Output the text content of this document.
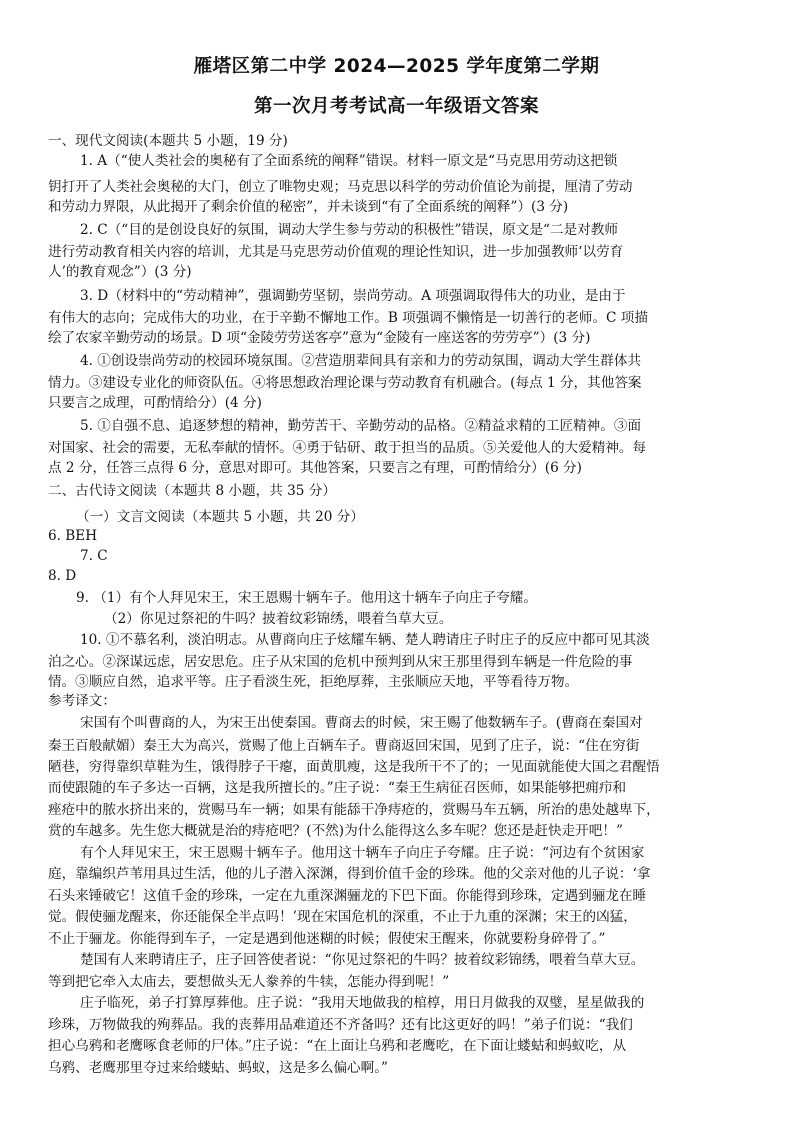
雁塔区第二中学 2024—2025 学年度第二学期
第一次月考考试高一年级语文答案
一、现代文阅读(本题共 5 小题，19 分)
1. A（“使人类社会的奥秘有了全面系统的阐释”错误。材料一原文是“马克思用劳动这把锁
钥打开了人类社会奥秘的大门，创立了唯物史观；马克思以科学的劳动价值论为前提，厘清了劳动
和劳动力界限，从此揭开了剩余价值的秘密”，并未谈到“有了全面系统的阐释”）(3 分)
2. C（“目的是创设良好的氛围，调动大学生参与劳动的积极性”错误，原文是“二是对教师
进行劳动教育相关内容的培训，尤其是马克思劳动价值观的理论性知识，进一步加强教师‘以劳育
人’的教育观念”）(3 分)
3. D（材料中的“劳动精神”，强调勤劳坚韧，崇尚劳动。A 项强调取得伟大的功业，是由于
有伟大的志向；完成伟大的功业，在于辛勤不懈地工作。B 项强调不懒惰是一切善行的老师。C 项描
绘了农家辛勤劳动的场景。D 项“金陵劳劳送客亭”意为“金陵有一座送客的劳劳亭”）(3 分)
4. ①创设崇尚劳动的校园环境氛围。②营造朋辈间具有亲和力的劳动氛围，调动大学生群体共
情力。③建设专业化的师资队伍。④将思想政治理论课与劳动教育有机融合。(每点 1 分，其他答案
只要言之成理，可酌情给分）(4 分)
5. ①自强不息、追逐梦想的精神，勤劳苦干、辛勤劳动的品格。②精益求精的工匠精神。③面
对国家、社会的需要，无私奉献的情怀。④勇于钻研、敢于担当的品质。⑤关爱他人的大爱精神。每
点 2 分，任答三点得 6 分，意思对即可。其他答案，只要言之有理，可酌情给分）(6 分)
二、古代诗文阅读（本题共 8 小题，共 35 分）
（一）文言文阅读（本题共 5 小题，共 20 分）
6. BEH
7. C
8. D
9. （1）有个人拜见宋王，宋王恩赐十辆车子。他用这十辆车子向庄子夸耀。
（2）你见过祭祀的牛吗？披着纹彩锦绣，喂着刍草大豆。
10. ①不慕名利，淡泊明志。从曹商向庄子炫耀车辆、楚人聘请庄子时庄子的反应中都可见其淡
泊之心。②深谋远虑，居安思危。庄子从宋国的危机中预判到从宋王那里得到车辆是一件危险的事
情。③顺应自然，追求平等。庄子看淡生死，拒绝厚葬，主张顺应天地，平等看待万物。
参考译文：
宋国有个叫曹商的人，为宋王出使秦国。曹商去的时候，宋王赐了他数辆车子。(曹商在秦国对
秦王百般献媚）秦王大为高兴，赏赐了他上百辆车子。曹商返回宋国，见到了庄子，说：“住在穷街
陋巷，穷得靠织草鞋为生，饿得脖子干瘪，面黄肌瘦，这是我所干不了的；一见面就能使大国之君醒悟
而使跟随的车子多达一百辆，这是我所擅长的。”庄子说：“秦王生病征召医师，如果能够把痈疖和
痤疮中的脓水挤出来的，赏赐马车一辆；如果有能舔干净痔疮的，赏赐马车五辆，所治的患处越卑下，
赏的车越多。先生您大概就是治的痔疮吧？(不然)为什么能得这么多车呢？您还是赶快走开吧！”
有个人拜见宋王，宋王恩赐十辆车子。他用这十辆车子向庄子夸耀。庄子说：“河边有个贫困家
庭，靠编织芦苇用具过生活，他的儿子潜入深渊，得到价值千金的珍珠。他的父亲对他的儿子说：‘拿
石头来锤破它！这值千金的珍珠，一定在九重深渊骊龙的下巴下面。你能得到珍珠，定遇到骊龙在睡
觉。假使骊龙醒来，你还能保全半点吗！’现在宋国危机的深重，不止于九重的深渊；宋王的凶猛，
不止于骊龙。你能得到车子，一定是遇到他迷糊的时候；假使宋王醒来，你就要粉身碎骨了。”
楚国有人来聘请庄子，庄子回答使者说：“你见过祭祀的牛吗？披着纹彩锦绣，喂着刍草大豆。
等到把它牵入太庙去，要想做头无人豢养的牛犊，怎能办得到呢！”
庄子临死，弟子打算厚葬他。庄子说：“我用天地做我的棺椁，用日月做我的双璧，星星做我的
珍珠，万物做我的殉葬品。我的丧葬用品难道还不齐备吗？还有比这更好的吗！”弟子们说：“我们
担心乌鸦和老鹰啄食老师的尸体。”庄子说：“在上面让乌鸦和老鹰吃，在下面让蝼蛄和蚂蚁吃，从
乌鸦、老鹰那里夺过来给蝼蛄、蚂蚁，这是多么偏心啊。”
